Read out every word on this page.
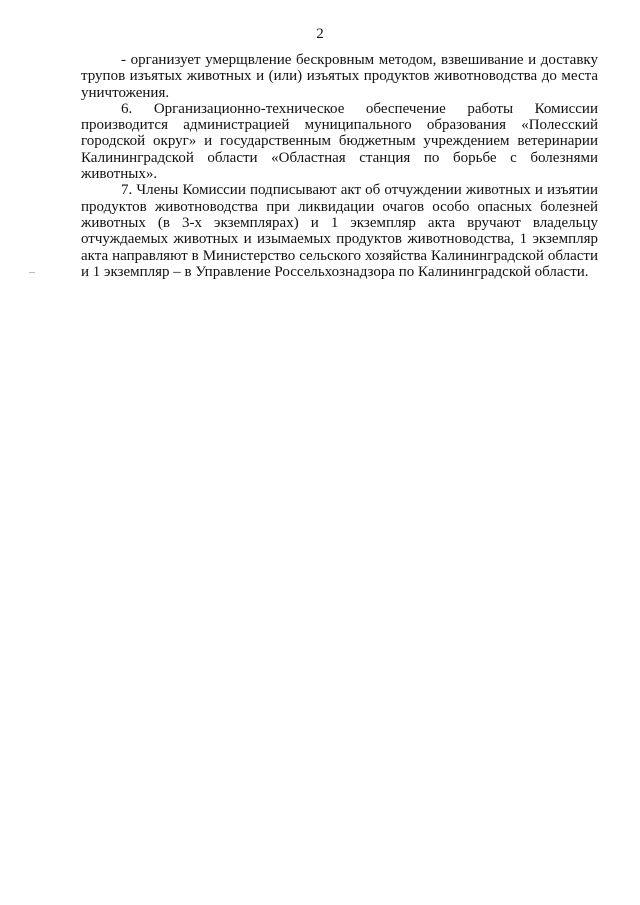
2

- организует умерщвление бескровным методом, взвешивание и доставку трупов изъятых животных и (или) изъятых продуктов животноводства до места уничтожения.

6. Организационно-техническое обеспечение работы Комиссии производится администрацией муниципального образования «Полесский городской округ» и государственным бюджетным учреждением ветеринарии Калининградской области «Областная станция по борьбе с болезнями животных».

7. Члены Комиссии подписывают акт об отчуждении животных и изъятии продуктов животноводства при ликвидации очагов особо опасных болезней животных (в 3-х экземплярах) и 1 экземпляр акта вручают владельцу отчуждаемых животных и изымаемых продуктов животноводства, 1 экземпляр акта направляют в Министерство сельского хозяйства Калининградской области и 1 экземпляр – в Управление Россельхознадзора по Калининградской области.
